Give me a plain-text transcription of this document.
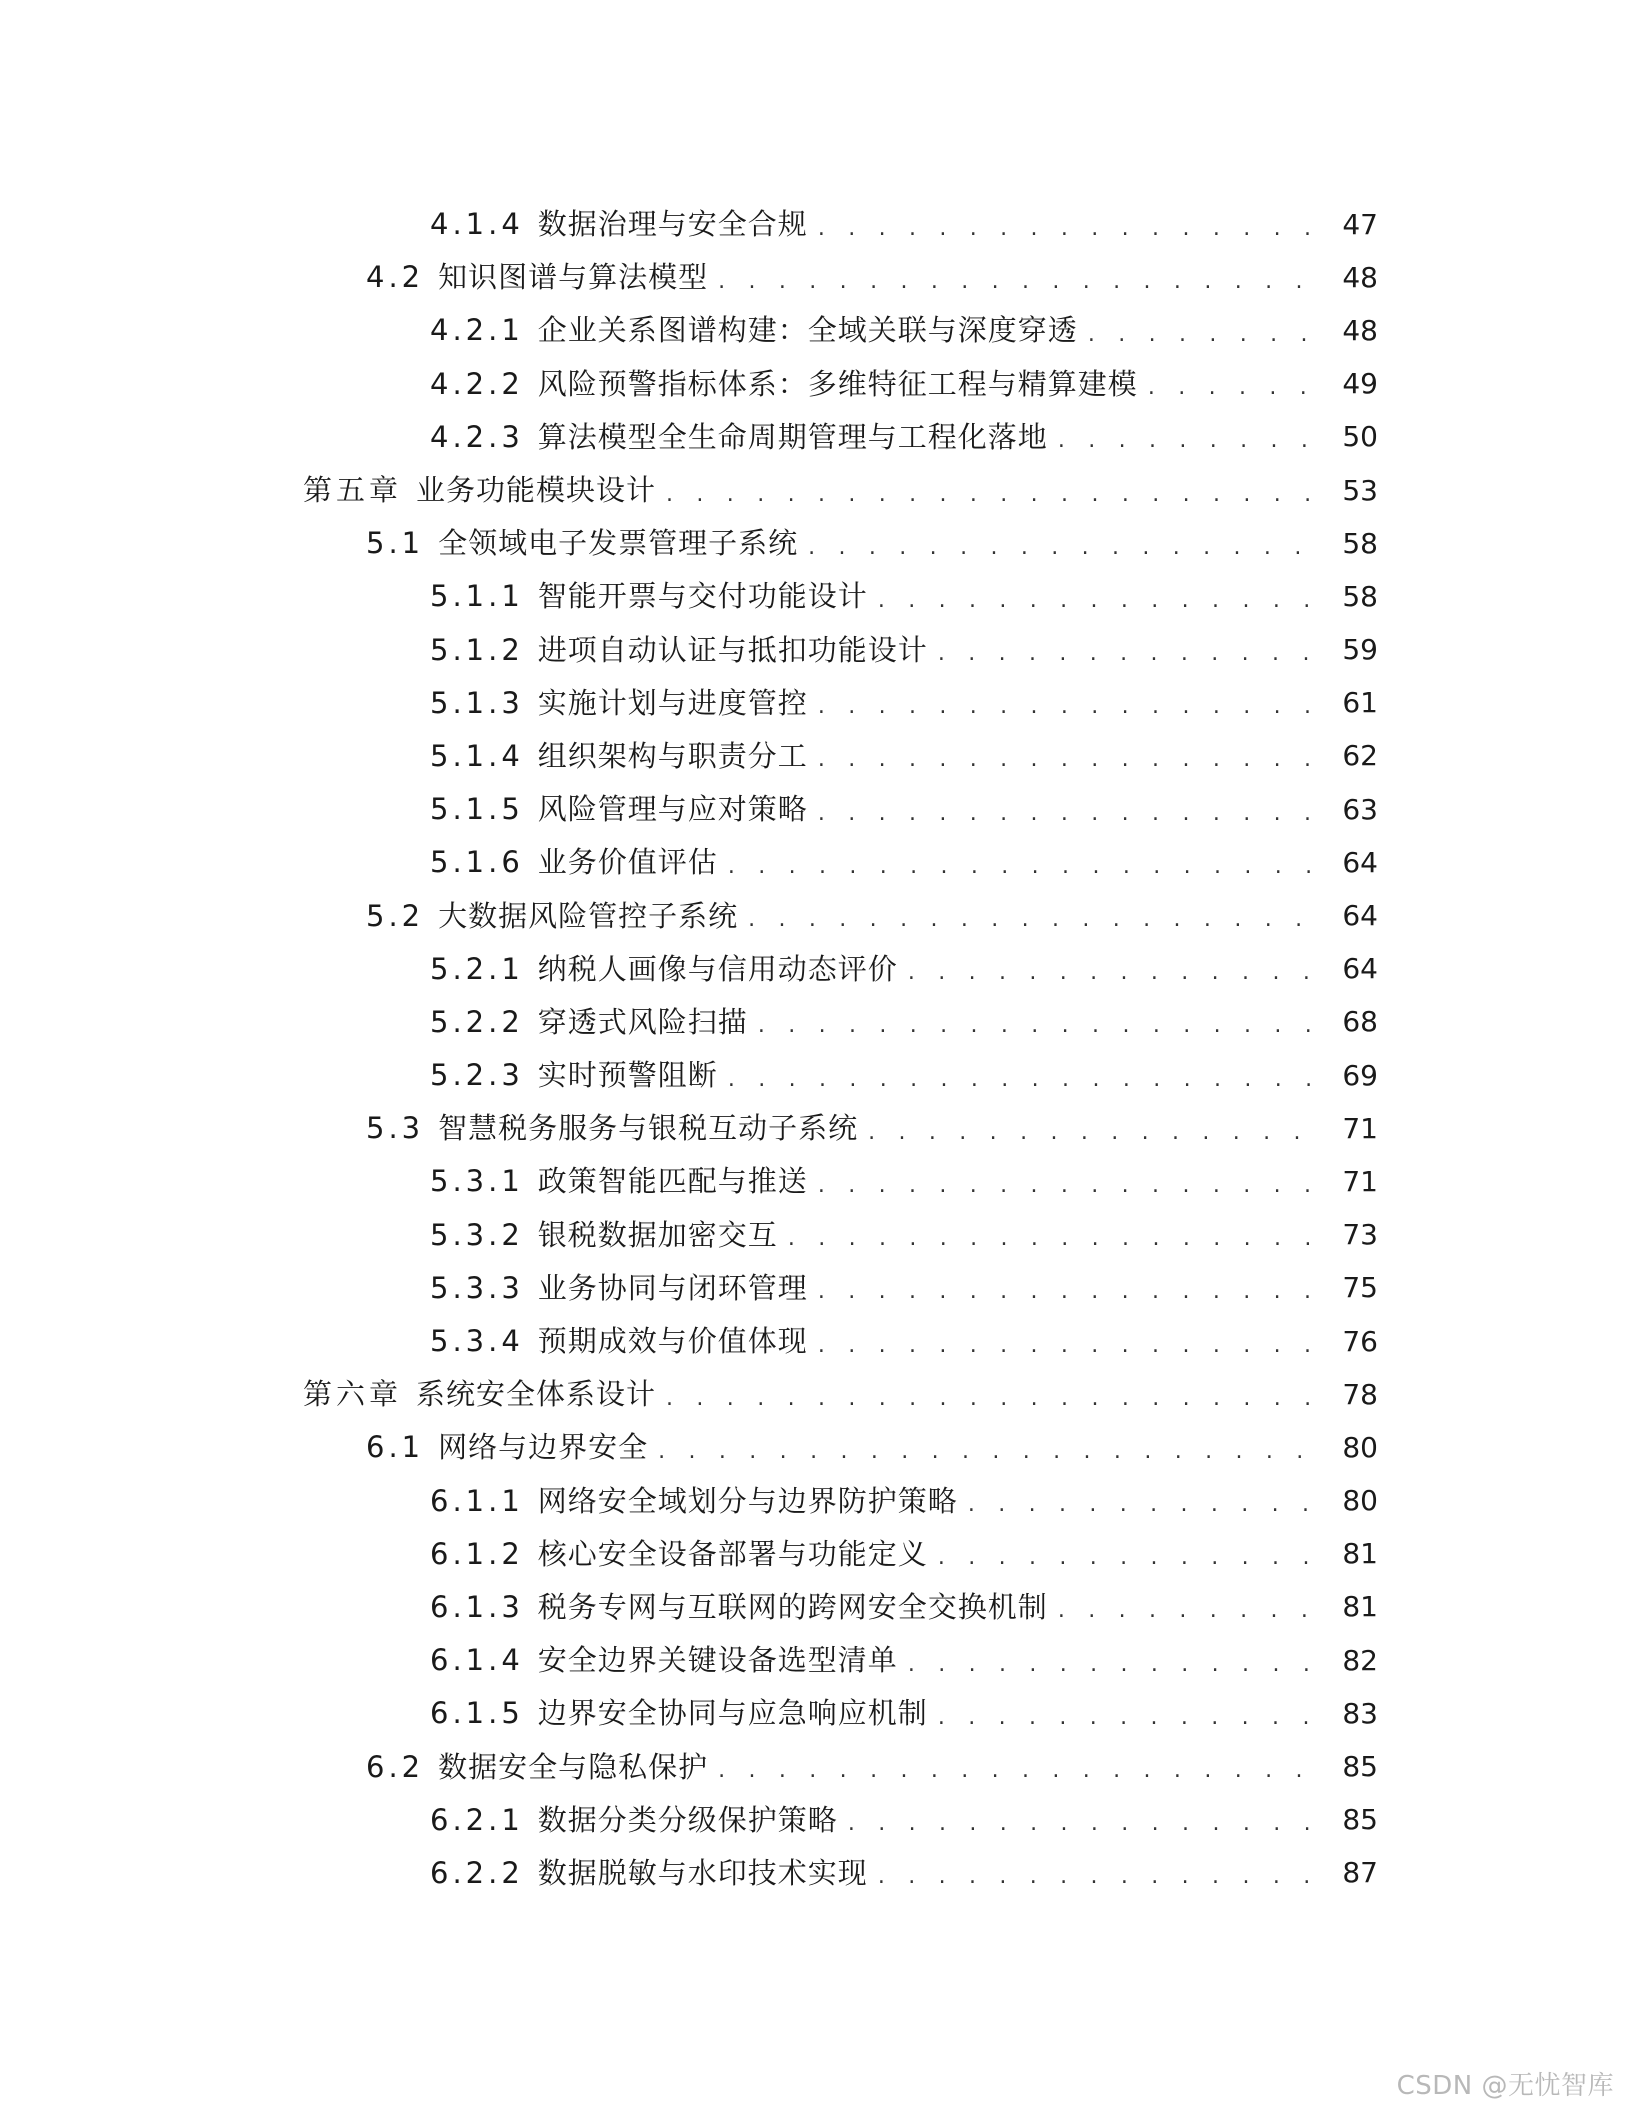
4.1.4 数据治理与安全合规 . . .	47
4.2 知识图谱与算法模型 . . .	48
4.2.1 企业关系图谱构建：全域关联与深度穿透 . . .	48
4.2.2 风险预警指标体系：多维特征工程与精算建模 . . .	49
4.2.3 算法模型全生命周期管理与工程化落地 . . .	50
第五章 业务功能模块设计 . . .	53
5.1 全领域电子发票管理子系统 . . .	58
5.1.1 智能开票与交付功能设计 . . .	58
5.1.2 进项自动认证与抵扣功能设计 . . .	59
5.1.3 实施计划与进度管控 . . .	61
5.1.4 组织架构与职责分工 . . .	62
5.1.5 风险管理与应对策略 . . .	63
5.1.6 业务价值评估 . . .	64
5.2 大数据风险管控子系统 . . .	64
5.2.1 纳税人画像与信用动态评价 . . .	64
5.2.2 穿透式风险扫描 . . .	68
5.2.3 实时预警阻断 . . .	69
5.3 智慧税务服务与银税互动子系统 . . .	71
5.3.1 政策智能匹配与推送 . . .	71
5.3.2 银税数据加密交互 . . .	73
5.3.3 业务协同与闭环管理 . . .	75
5.3.4 预期成效与价值体现 . . .	76
第六章 系统安全体系设计 . . .	78
6.1 网络与边界安全 . . .	80
6.1.1 网络安全域划分与边界防护策略 . . .	80
6.1.2 核心安全设备部署与功能定义 . . .	81
6.1.3 税务专网与互联网的跨网安全交换机制 . . .	81
6.1.4 安全边界关键设备选型清单 . . .	82
6.1.5 边界安全协同与应急响应机制 . . .	83
6.2 数据安全与隐私保护 . . .	85
6.2.1 数据分类分级保护策略 . . .	85
6.2.2 数据脱敏与水印技术实现 . . .	87
CSDN @无忧智库
